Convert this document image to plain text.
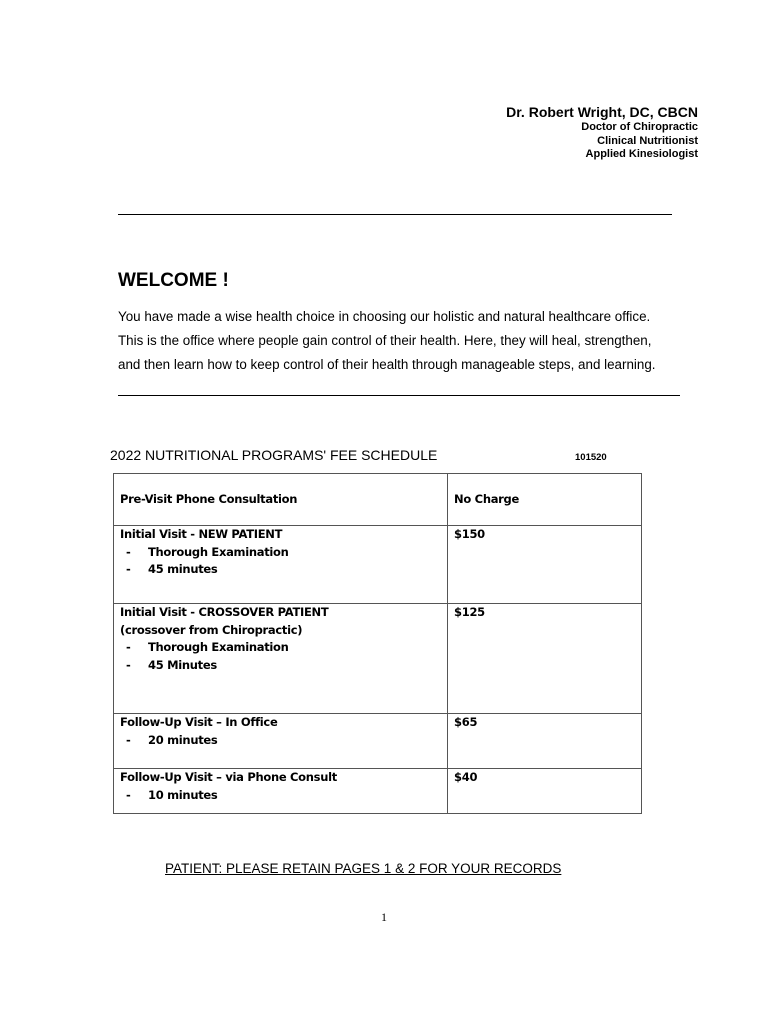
Dr. Robert Wright, DC, CBCN
Doctor of Chiropractic
Clinical Nutritionist
Applied Kinesiologist
WELCOME !

You have made a wise health choice in choosing our holistic and natural healthcare office.
This is the office where people gain control of their health. Here, they will heal, strengthen,
and then learn how to keep control of their health through manageable steps, and learning.

2022 NUTRITIONAL PROGRAMS' FEE SCHEDULE	101520
Pre-Visit Phone Consultation	No Charge

Initial Visit - NEW PATIENT
- Thorough Examination
- 45 minutes	$150

Initial Visit - CROSSOVER PATIENT
(crossover from Chiropractic)
- Thorough Examination
- 45 Minutes	$125

Follow-Up Visit – In Office
- 20 minutes	$65

Follow-Up Visit – via Phone Consult
- 10 minutes	$40
PATIENT: PLEASE RETAIN PAGES 1 & 2 FOR YOUR RECORDS
1
